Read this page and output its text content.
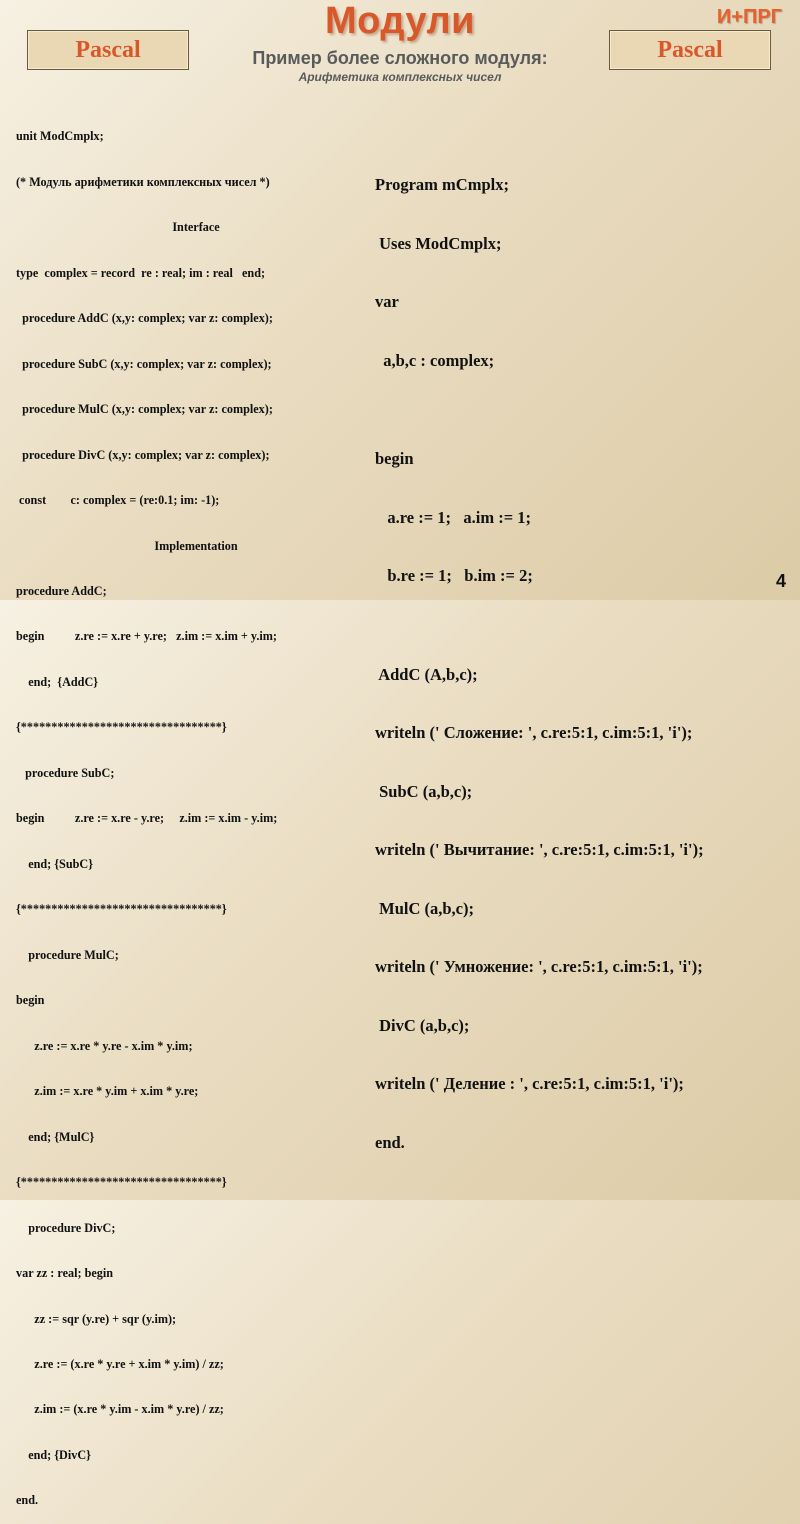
И+ПРГ
Модули
Pascal	Pascal
Пример более сложного модуля:
Арифметика комплексных чисел

unit ModCmplx;

(* Модуль арифметики комплексных чисел *)

Interface

type  complex = record  re : real; im : real   end;

procedure AddC (x,y: complex; var z: complex);

procedure SubC (x,y: complex; var z: complex);

procedure MulC (x,y: complex; var z: complex);

procedure DivC (x,y: complex; var z: complex);

const        c: complex = (re:0.1; im: -1);

Implementation

procedure AddC;

begin          z.re := x.re + y.re;   z.im := x.im + y.im;

end;  {AddC}

{*********************************}

procedure SubC;

begin          z.re := x.re - y.re;     z.im := x.im - y.im;

end; {SubC}

{*********************************}

procedure MulC;

begin

z.re := x.re * y.re - x.im * y.im;

z.im := x.re * y.im + x.im * y.re;

end; {MulC}

{*********************************}

procedure DivC;

var zz : real; begin

zz := sqr (y.re) + sqr (y.im);

z.re := (x.re * y.re + x.im * y.im) / zz;

z.im := (x.re * y.im - x.im * y.re) / zz;

end; {DivC}

end.

Program mCmplx;

Uses ModCmplx;

var

a,b,c : complex;

begin

a.re := 1;   a.im := 1;

b.re := 1;   b.im := 2;

AddC (A,b,c);

writeln (' Сложение: ', c.re:5:1, c.im:5:1, 'i');

SubC (a,b,c);

writeln (' Вычитание: ', c.re:5:1, c.im:5:1, 'i');

MulC (a,b,c);

writeln (' Умножение: ', c.re:5:1, c.im:5:1, 'i');

DivC (a,b,c);

writeln (' Деление : ', c.re:5:1, c.im:5:1, 'i');

end.

4
